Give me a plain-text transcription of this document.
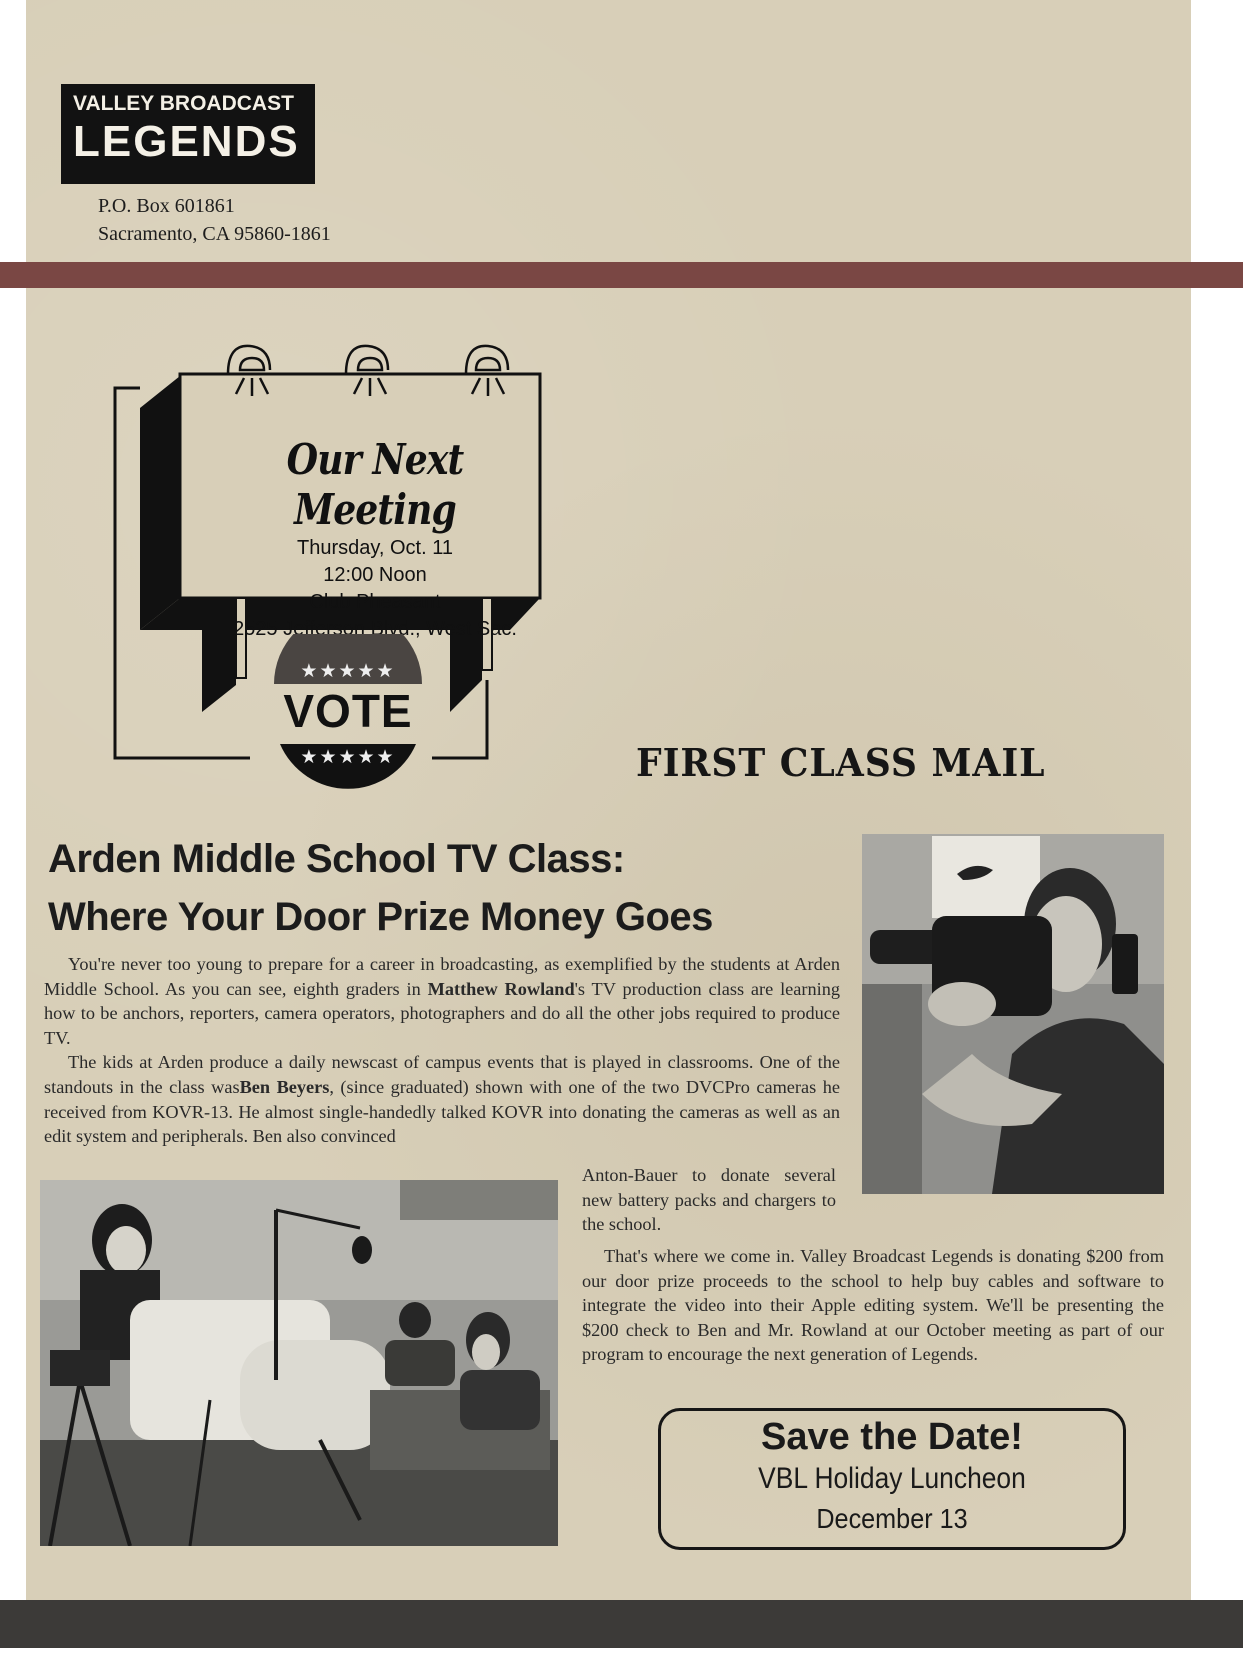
VALLEY BROADCAST
LEGENDS
P.O. Box 601861
Sacramento, CA 95860-1861
Our Next Meeting
Thursday, Oct. 11
12:00 Noon
Club Pheasant
2525 Jefferson Blvd., West Sac.
★★★★★
VOTE
★★★★★	FIRST CLASS MAIL
Arden Middle School TV Class:
Where Your Door Prize Money Goes

You're never too young to prepare for a career in broadcasting, as exemplified by the students at Arden Middle School. As you can see, eighth graders in Matthew Rowland's TV production class are learning how to be anchors, reporters, camera operators, photographers and do all the other jobs required to produce TV.

The kids at Arden produce a daily newscast of campus events that is played in classrooms. One of the standouts in the class wasBen Beyers, (since graduated) shown with one of the two DVCPro cameras he received from KOVR-13. He almost single-handedly talked KOVR into donating the cameras as well as an edit system and peripherals. Ben also convinced

Anton-Bauer to donate several new battery packs and chargers to the school.

That's where we come in. Valley Broadcast Legends is donating $200 from our door prize proceeds to the school to help buy cables and software to integrate the video into their Apple editing system. We'll be presenting the $200 check to Ben and Mr. Rowland at our October meeting as part of our program to encourage the next generation of Legends.

Save the Date!
VBL Holiday Luncheon
December 13
